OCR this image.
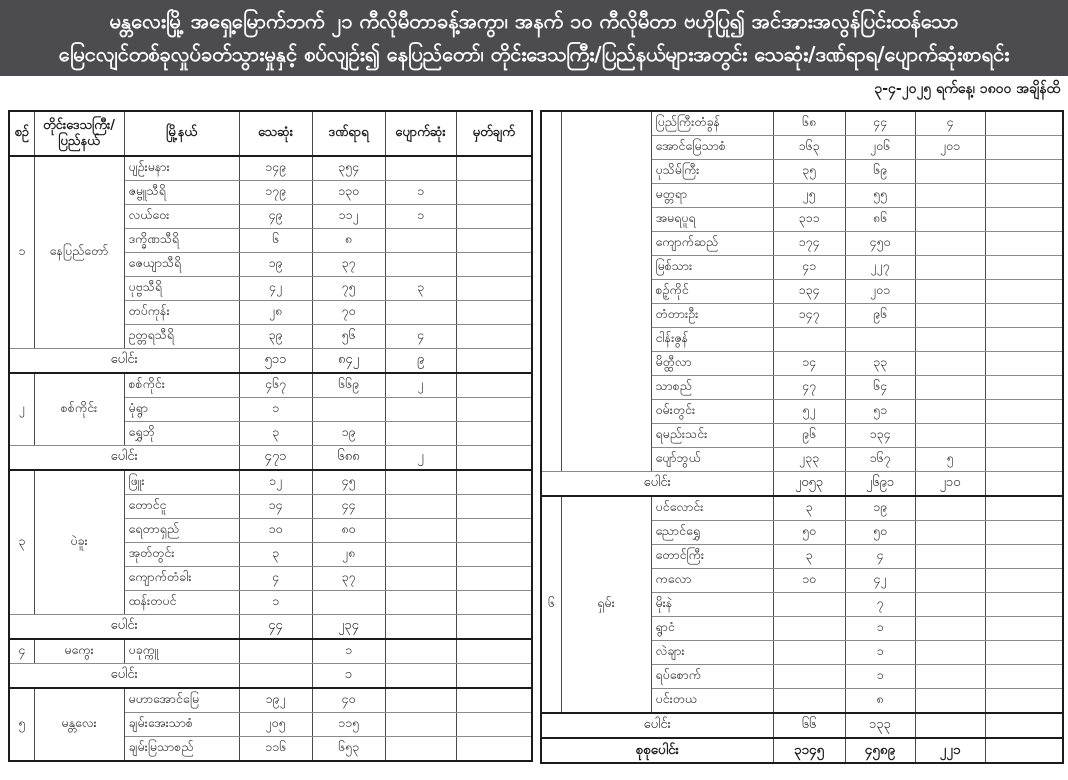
မန္တလေးမြို့ အရှေ့မြောက်ဘက် ၂၁ ကီလိုမီတာခန့်အကွာ၊ အနက် ၁၀ ကီလိုမီတာ ဗဟိုပြု၍ အင်အားအလွန်ပြင်းထန်သော
မြေငလျင်တစ်ခုလှုပ်ခတ်သွားမှုနှင့် စပ်လျဉ်း၍ နေပြည်တော်၊ တိုင်းဒေသကြီး/ပြည်နယ်များအတွင်း သေဆုံး/ဒဏ်ရာရ/ပျောက်ဆုံးစာရင်း
၃-၄-၂၀၂၅ ရက်နေ့၊ ၁၈၀၀ အချိန်ထိ
စဉ်	တိုင်းဒေသကြီး/
ပြည်နယ်	မြို့နယ်	သေဆုံး	ဒဏ်ရာရ	ပျောက်ဆုံး	မှတ်ချက်
၁	နေပြည်တော်	ပျဉ်းမနား	၁၄၉	၃၅၄		
		ဇမ္ဗူသီရိ	၁၇၉	၁၃၀	၁	
		လယ်ဝေး	၄၉	၁၁၂	၁	
		ဒက္ခိဏသီရိ	၆	၈		
		ဇေယျာသီရိ	၁၉	၃၇		
		ပုဗ္ဗသီရိ	၄၂	၇၅	၃	
		တပ်ကုန်း	၂၈	၇၀		
		ဥတ္တရသီရိ	၃၉	၅၆	၄	
ပေါင်း			၅၁၁	၈၄၂	၉	
၂	စစ်ကိုင်း	စစ်ကိုင်း	၄၆၇	၆၆၉	၂	
		မုံရွာ	၁			
		ရွှေဘို	၃	၁၉		
ပေါင်း			၄၇၁	၆၈၈	၂	
၃	ပဲခူး	ဖြူး	၁၂	၄၅		
		တောင်ငူ	၁၄	၄၄		
		ရေတာရှည်	၁၀	၈၀		
		အုတ်တွင်း	၃	၂၈		
		ကျောက်တံခါး	၄	၃၇		
		ထန်းတပင်	၁			
ပေါင်း			၄၄	၂၃၄		
၄	မကွေး	ပခုက္ကူ		၁		
ပေါင်း				၁		
၅	မန္တလေး	မဟာအောင်မြေ	၁၉၂	၄၀		
		ချမ်းအေးသာစံ	၂၀၅	၁၁၅		
		ချမ်းမြသာစည်	၁၁၆	၆၅၃		
		ပြည်ကြီးတံခွန်	၆၈	၄၄	၄	
		အောင်မြေသာစံ	၁၆၃	၂၀၆	၂၀၁	
		ပုသိမ်ကြီး	၃၅	၆၉		
		မတ္တရာ	၂၅	၅၅		
		အမရပူရ	၃၁၁	၈၆		
		ကျောက်ဆည်	၁၇၄	၄၅၀		
		မြစ်သား	၄၁	၂၂၇		
		စဉ့်ကိုင်	၁၃၄	၂၀၁		
		တံတားဦး	၁၄၇	၉၆		
		ငါန်းဇွန်				
		မိတ္ထီလာ	၁၄	၃၃		
		သာစည်	၄၇	၆၄		
		ဝမ်းတွင်း	၅၂	၅၁		
		ရမည်းသင်း	၉၆	၁၃၄		
		ပျော်ဘွယ်	၂၃၃	၁၆၇	၅	
ပေါင်း			၂၀၅၃	၂၆၉၁	၂၁၀	
၆	ရှမ်း	ပင်လောင်း	၃	၁၉		
		ညောင်ရွှေ	၅၀	၅၀		
		တောင်ကြီး	၃	၄		
		ကလော	၁၀	၄၂		
		မိုးနဲ		၇		
		ရွာငံ		၁		
		လဲချား		၁		
		ရပ်စောက်		၁		
		ပင်းတယ		၈		
ပေါင်း			၆၆	၁၃၃		
စုစုပေါင်း			၃၁၄၅	၄၅၈၉	၂၂၁	
